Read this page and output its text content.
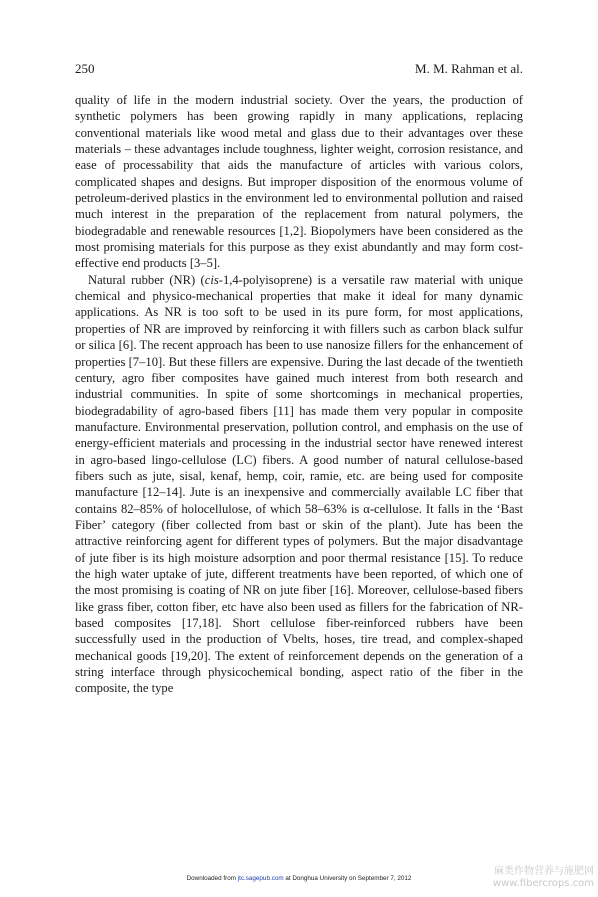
250	M. M. Rahman et al.

quality of life in the modern industrial society. Over the years, the production of synthetic polymers has been growing rapidly in many applications, replacing conventional materials like wood metal and glass due to their advantages over these materials – these advantages include toughness, lighter weight, corrosion resistance, and ease of processability that aids the manufacture of articles with various colors, complicated shapes and designs. But improper disposition of the enormous volume of petroleum-derived plastics in the environment led to environmental pollution and raised much interest in the preparation of the replacement from natural polymers, the biodegradable and renewable resources [1,2]. Biopolymers have been considered as the most promising materials for this purpose as they exist abundantly and may form cost-effective end products [3–5].

Natural rubber (NR) (cis-1,4-polyisoprene) is a versatile raw material with unique chemical and physico-mechanical properties that make it ideal for many dynamic applications. As NR is too soft to be used in its pure form, for most applications, properties of NR are improved by reinforcing it with fillers such as carbon black sulfur or silica [6]. The recent approach has been to use nanosize fillers for the enhancement of properties [7–10]. But these fillers are expensive. During the last decade of the twentieth century, agro fiber composites have gained much interest from both research and industrial communities. In spite of some shortcomings in mechanical properties, biodegradability of agro-based fibers [11] has made them very popular in composite manufacture. Environmental preservation, pollution control, and emphasis on the use of energy-efficient materials and processing in the industrial sector have renewed interest in agro-based lingo-cellulose (LC) fibers. A good number of natural cellulose-based fibers such as jute, sisal, kenaf, hemp, coir, ramie, etc. are being used for composite manufacture [12–14]. Jute is an inexpensive and commercially available LC fiber that contains 82–85% of holocellulose, of which 58–63% is α-cellulose. It falls in the ‘Bast Fiber’ category (fiber collected from bast or skin of the plant). Jute has been the attractive reinforcing agent for different types of polymers. But the major disadvantage of jute fiber is its high moisture adsorption and poor thermal resistance [15]. To reduce the high water uptake of jute, different treatments have been reported, of which one of the most promising is coating of NR on jute fiber [16]. Moreover, cellulose-based fibers like grass fiber, cotton fiber, etc have also been used as fillers for the fabrication of NR-based composites [17,18]. Short cellulose fiber-reinforced rubbers have been successfully used in the production of Vbelts, hoses, tire tread, and complex-shaped mechanical goods [19,20]. The extent of reinforcement depends on the generation of a string interface through physicochemical bonding, aspect ratio of the fiber in the composite, the type

Downloaded from jtc.sagepub.com at Donghua University on September 7, 2012
麻类作物营养与施肥网
www.fibercrops.com
